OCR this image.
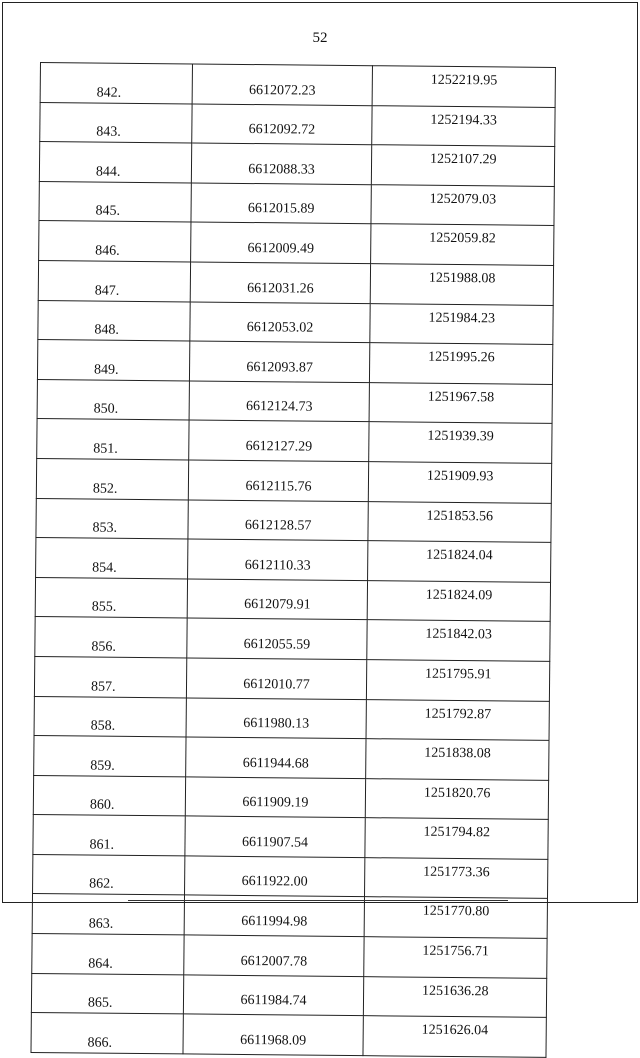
52
842.	6612072.23	1252219.95
843.	6612092.72	1252194.33
844.	6612088.33	1252107.29
845.	6612015.89	1252079.03
846.	6612009.49	1252059.82
847.	6612031.26	1251988.08
848.	6612053.02	1251984.23
849.	6612093.87	1251995.26
850.	6612124.73	1251967.58
851.	6612127.29	1251939.39
852.	6612115.76	1251909.93
853.	6612128.57	1251853.56
854.	6612110.33	1251824.04
855.	6612079.91	1251824.09
856.	6612055.59	1251842.03
857.	6612010.77	1251795.91
858.	6611980.13	1251792.87
859.	6611944.68	1251838.08
860.	6611909.19	1251820.76
861.	6611907.54	1251794.82
862.	6611922.00	1251773.36
863.	6611994.98	1251770.80
864.	6612007.78	1251756.71
865.	6611984.74	1251636.28
866.	6611968.09	1251626.04
